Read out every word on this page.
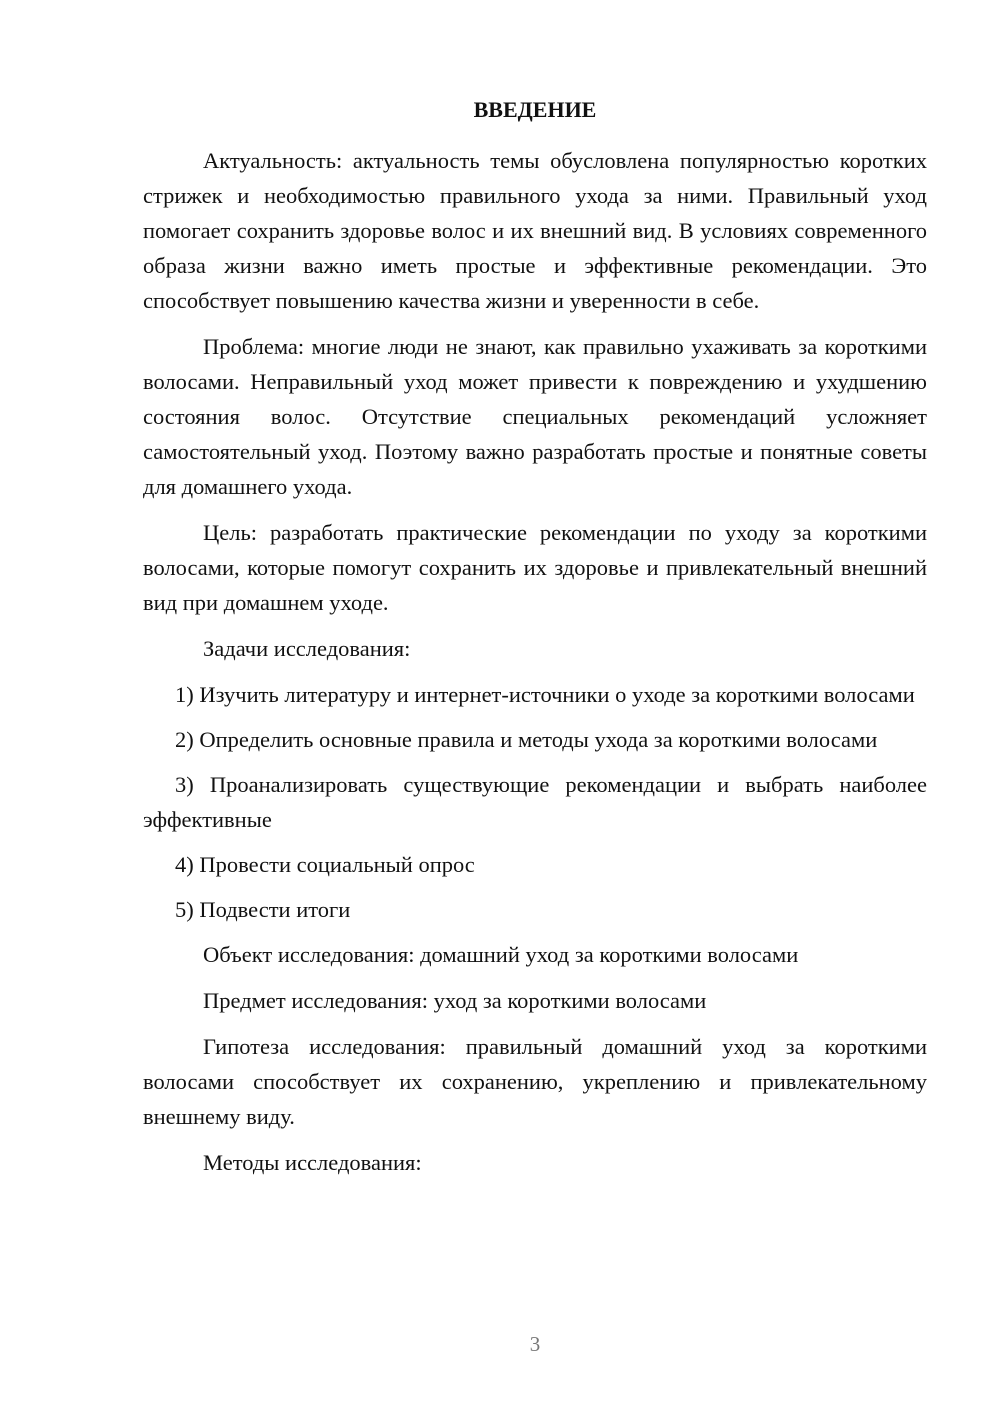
ВВЕДЕНИЕ

Актуальность: актуальность темы обусловлена популярностью коротких стрижек и необходимостью правильного ухода за ними. Правильный уход помогает сохранить здоровье волос и их внешний вид. В условиях современного образа жизни важно иметь простые и эффективные рекомендации. Это способствует повышению качества жизни и уверенности в себе.

Проблема: многие люди не знают, как правильно ухаживать за короткими волосами. Неправильный уход может привести к повреждению и ухудшению состояния волос. Отсутствие специальных рекомендаций усложняет самостоятельный уход. Поэтому важно разработать простые и понятные советы для домашнего ухода.

Цель: разработать практические рекомендации по уходу за короткими волосами, которые помогут сохранить их здоровье и привлекательный внешний вид при домашнем уходе.

Задачи исследования:

1) Изучить литературу и интернет-источники о уходе за короткими волосами

2) Определить основные правила и методы ухода за короткими волосами

3) Проанализировать существующие рекомендации и выбрать наиболее эффективные

4) Провести социальный опрос

5) Подвести итоги

Объект исследования: домашний уход за короткими волосами

Предмет исследования: уход за короткими волосами

Гипотеза исследования: правильный домашний уход за короткими волосами способствует их сохранению, укреплению и привлекательному внешнему виду.

Методы исследования:

3
